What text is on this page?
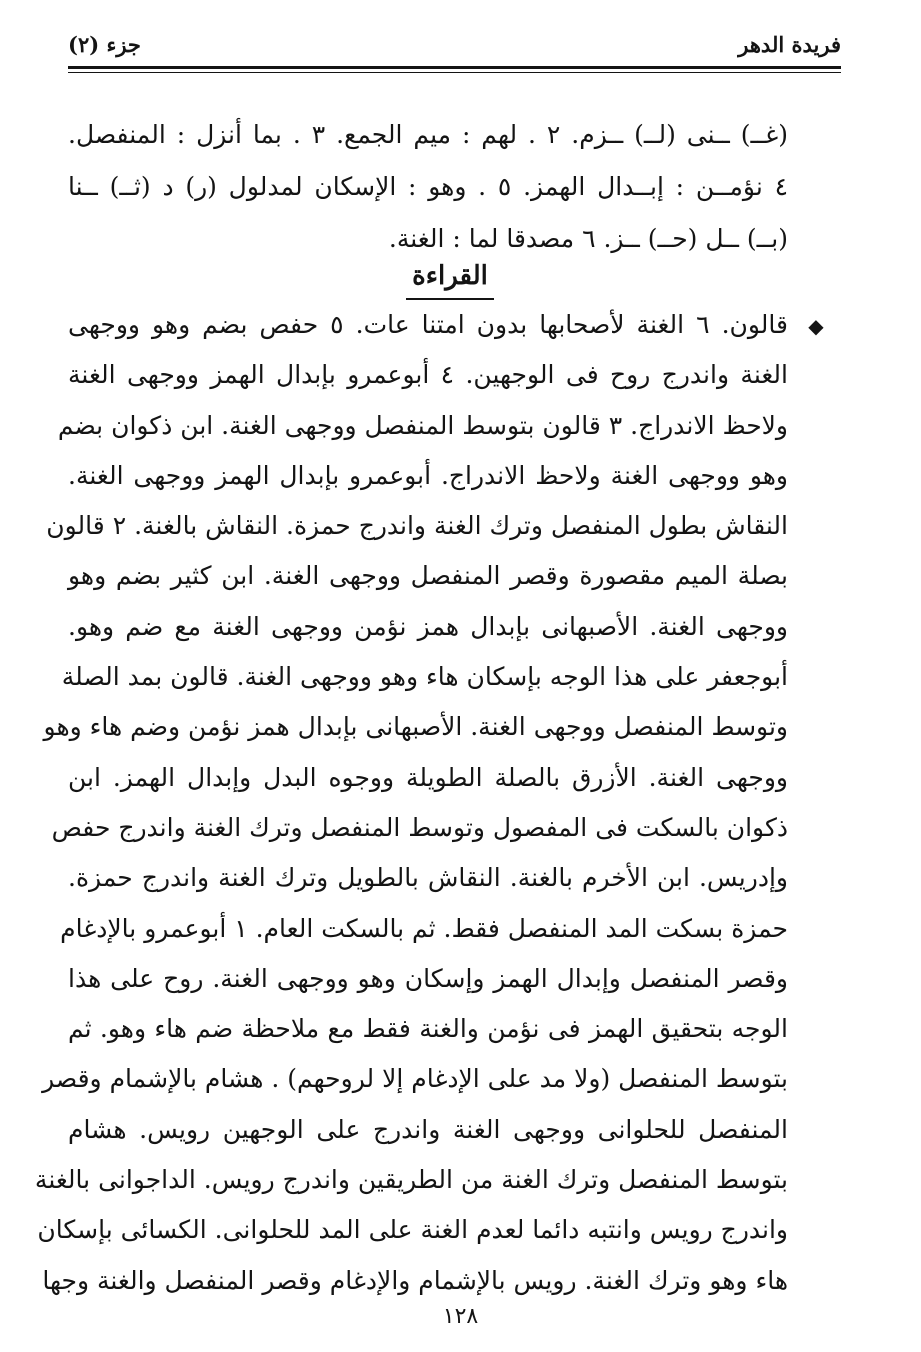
فريدة الدهر
جزء (٢)
(غــ) ــنى (لــ) ــزم. ٢ . لهم : ميم الجمع. ٣ . بما أنزل : المنفصل.
٤ نؤمــن : إبــدال الهمز. ٥ . وهو : الإسكان لمدلول (ر) د (ثــ) ــنا
(بــ) ــل (حــ) ــز. ٦ مصدقا لما : الغنة.
القراءة
◆
قالون. ٦ الغنة لأصحابها بدون امتنا عات. ٥ حفص بضم وهو ووجهى
الغنة واندرج روح فى الوجهين. ٤ أبوعمرو بإبدال الهمز ووجهى الغنة
ولاحظ الاندراج. ٣ قالون بتوسط المنفصل ووجهى الغنة. ابن ذكوان بضم
وهو ووجهى الغنة ولاحظ الاندراج. أبوعمرو بإبدال الهمز ووجهى الغنة.
النقاش بطول المنفصل وترك الغنة واندرج حمزة. النقاش بالغنة. ٢ قالون
بصلة الميم مقصورة وقصر المنفصل ووجهى الغنة. ابن كثير بضم وهو
ووجهى الغنة. الأصبهانى بإبدال همز نؤمن ووجهى الغنة مع ضم وهو.
أبوجعفر على هذا الوجه بإسكان هاء وهو ووجهى الغنة. قالون بمد الصلة
وتوسط المنفصل ووجهى الغنة. الأصبهانى بإبدال همز نؤمن وضم هاء وهو
ووجهى الغنة. الأزرق بالصلة الطويلة ووجوه البدل وإبدال الهمز. ابن
ذكوان بالسكت فى المفصول وتوسط المنفصل وترك الغنة واندرج حفص
وإدريس. ابن الأخرم بالغنة. النقاش بالطويل وترك الغنة واندرج حمزة.
حمزة بسكت المد المنفصل فقط. ثم بالسكت العام. ١ أبوعمرو بالإدغام
وقصر المنفصل وإبدال الهمز وإسكان وهو ووجهى الغنة. روح على هذا
الوجه بتحقيق الهمز فى نؤمن والغنة فقط مع ملاحظة ضم هاء وهو. ثم
بتوسط المنفصل (ولا مد على الإدغام إلا لروحهم) . هشام بالإشمام وقصر
المنفصل للحلوانى ووجهى الغنة واندرج على الوجهين رويس. هشام
بتوسط المنفصل وترك الغنة من الطريقين واندرج رويس. الداجوانى بالغنة
واندرج رويس وانتبه دائما لعدم الغنة على المد للحلوانى. الكسائى بإسكان
هاء وهو وترك الغنة. رويس بالإشمام والإدغام وقصر المنفصل والغنة وجها
١٢٨
